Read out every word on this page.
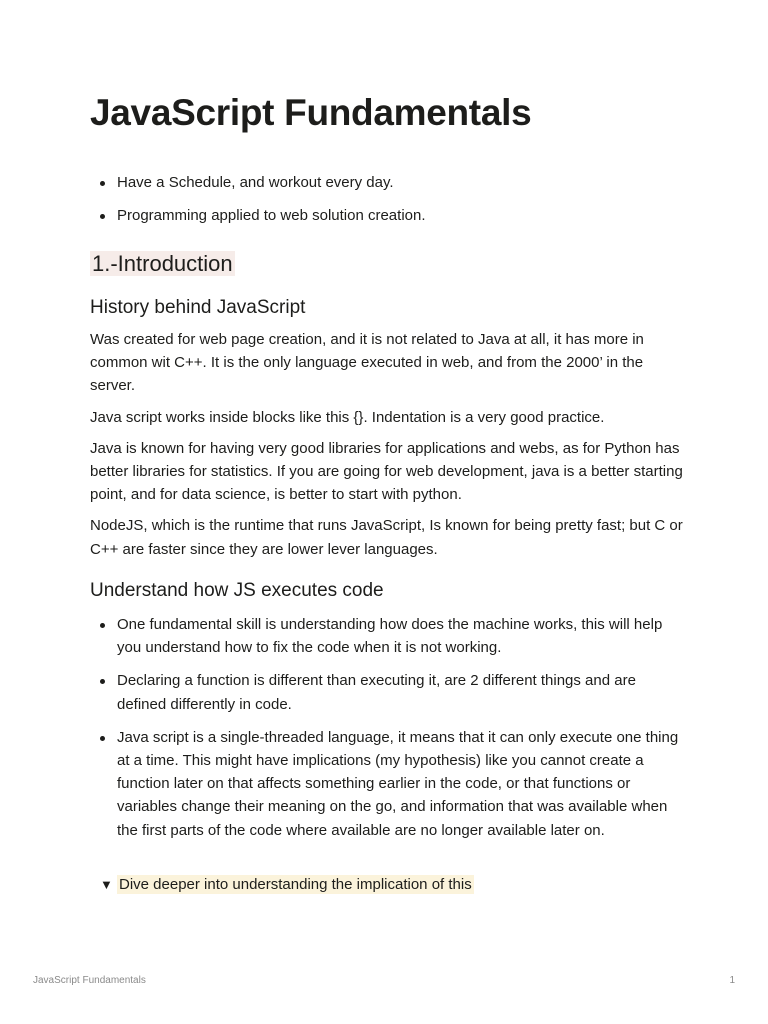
JavaScript Fundamentals
Have a Schedule, and workout every day.
Programming applied to web solution creation.
1.-Introduction
History behind JavaScript

Was created for web page creation, and it is not related to Java at all, it has more in common wit C++. It is the only language executed in web, and from the 2000’ in the server.

Java script works inside blocks like this {}. Indentation is a very good practice.

Java is known for having very good libraries for applications and webs, as for Python has better libraries for statistics. If you are going for web development, java is a better starting point, and for data science, is better to start with python.

NodeJS, which is the runtime that runs JavaScript, Is known for being pretty fast; but C or C++ are faster since they are lower lever languages.

Understand how JS executes code
One fundamental skill is understanding how does the machine works, this will help you understand how to fix the code when it is not working.
Declaring a function is different than executing it, are 2 different things and are defined differently in code.
Java script is a single-threaded language, it means that it can only execute one thing at a time. This might have implications (my hypothesis) like you cannot create a function later on that affects something earlier in the code, or that functions or variables change their meaning on the go, and information that was available when the first parts of the code where available are no longer available later on.
▼ Dive deeper into understanding the implication of this
JavaScript Fundamentals	1
